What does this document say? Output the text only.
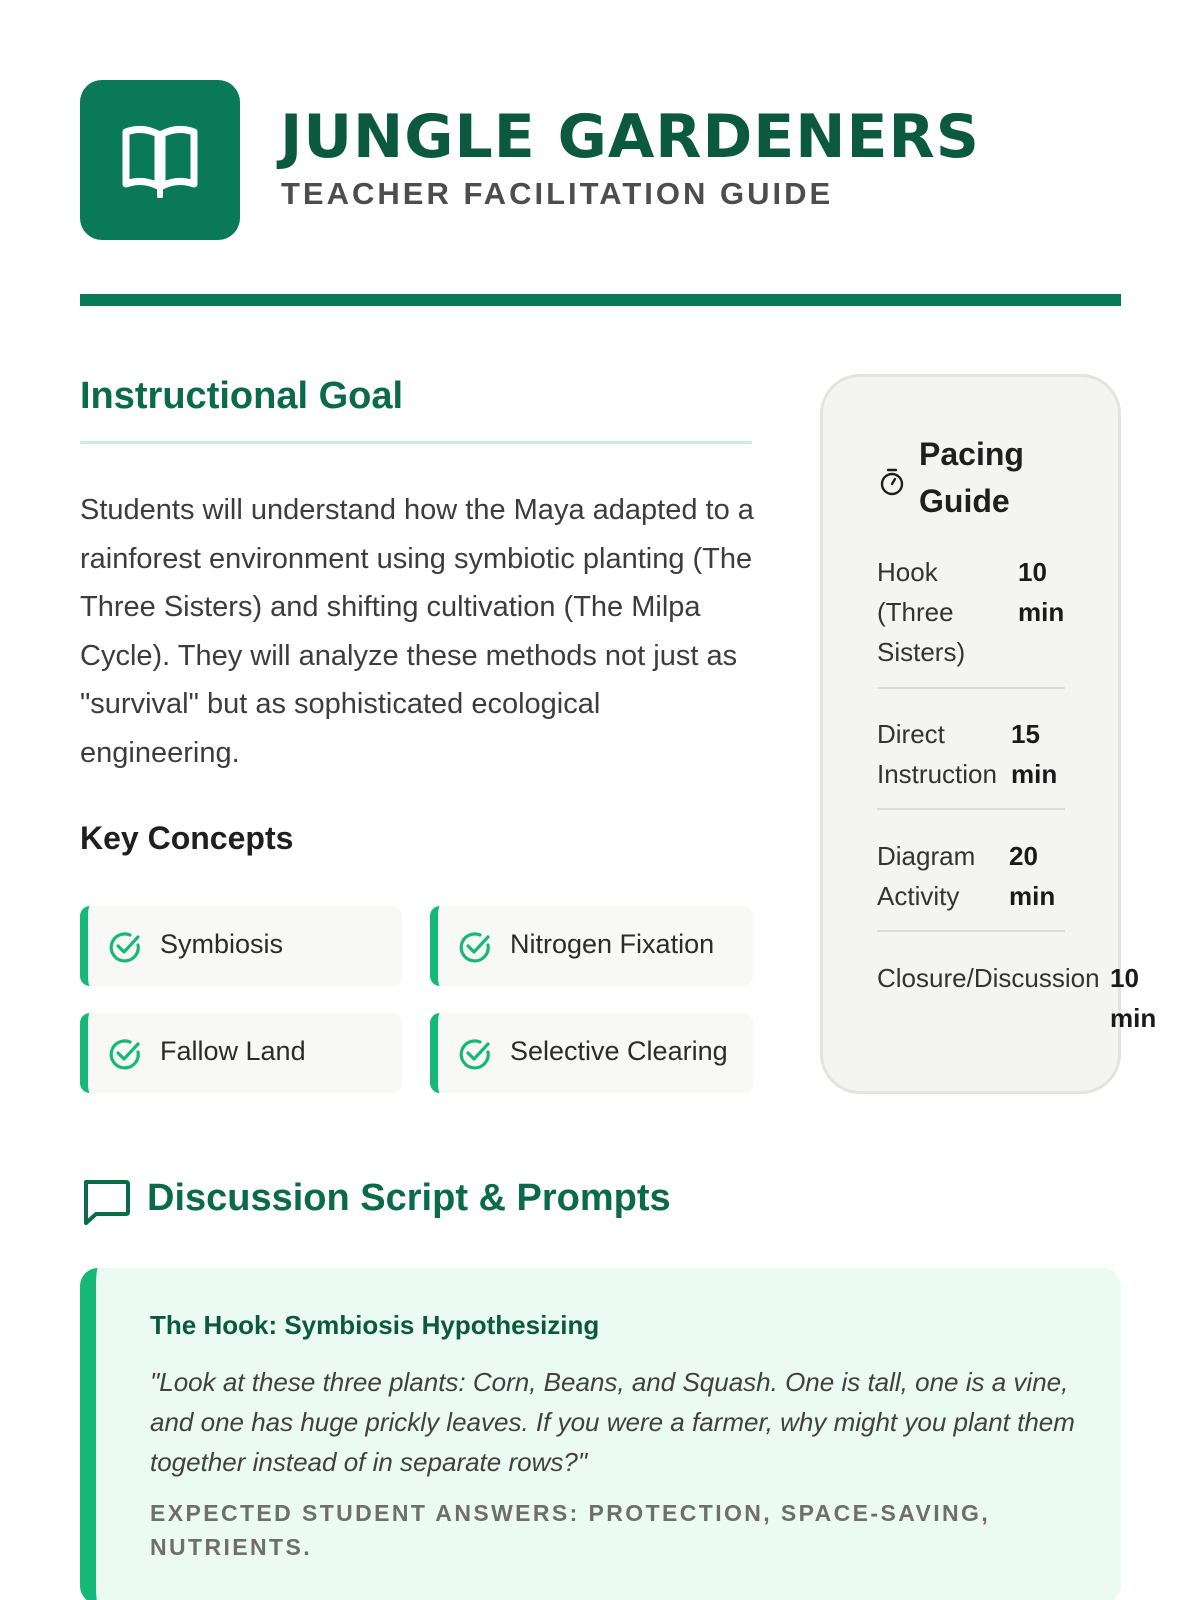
JUNGLE GARDENERS
TEACHER FACILITATION GUIDE
Instructional Goal
Students will understand how the Maya adapted to a rainforest environment using symbiotic planting (The Three Sisters) and shifting cultivation (The Milpa Cycle). They will analyze these methods not just as "survival" but as sophisticated ecological engineering.
Key Concepts
Symbiosis	Nitrogen Fixation
Fallow Land	Selective Clearing
Pacing
Guide
Hook
(Three
Sisters)
10
min
Direct
Instruction
15
min
Diagram
Activity
20
min
Closure/Discussion 10
min
Discussion Script & Prompts
The Hook: Symbiosis Hypothesizing
"Look at these three plants: Corn, Beans, and Squash. One is tall, one is a vine, and one has huge prickly leaves. If you were a farmer, why might you plant them together instead of in separate rows?"
EXPECTED STUDENT ANSWERS: PROTECTION, SPACE-SAVING, NUTRIENTS.
